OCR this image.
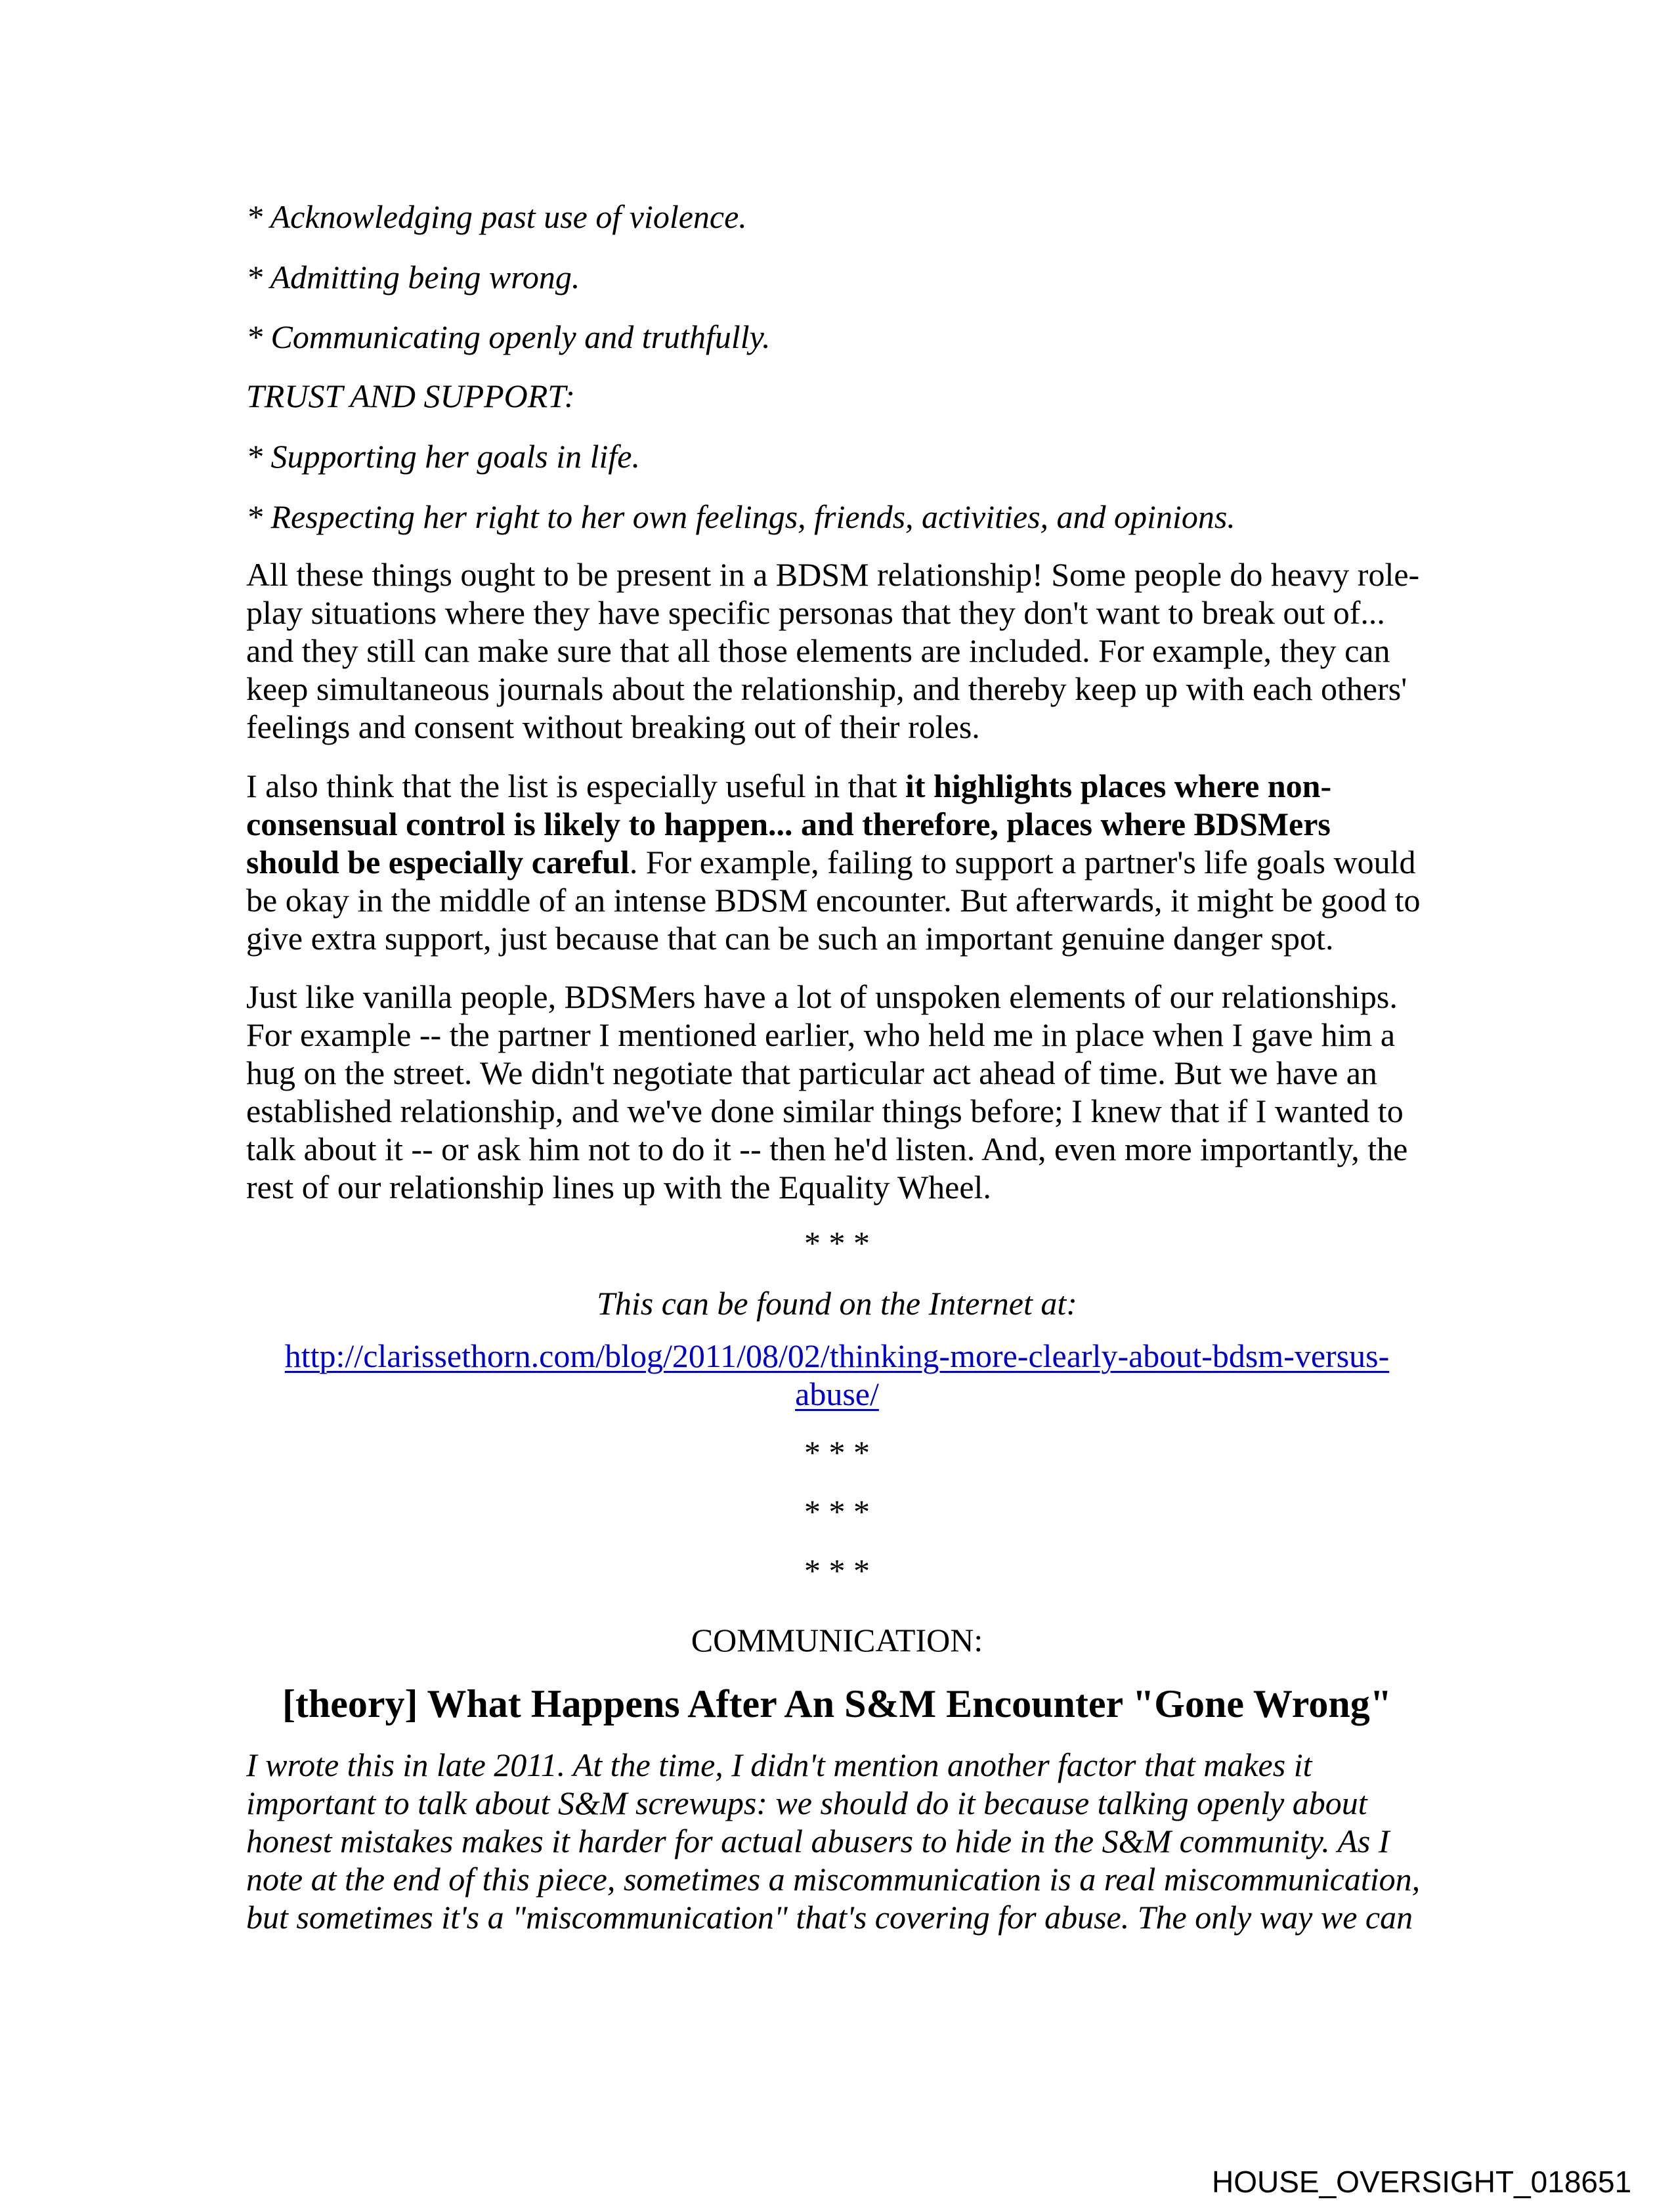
* Acknowledging past use of violence.
* Admitting being wrong.
* Communicating openly and truthfully.
TRUST AND SUPPORT:
* Supporting her goals in life.
* Respecting her right to her own feelings, friends, activities, and opinions.
All these things ought to be present in a BDSM relationship! Some people do heavy role-
play situations where they have specific personas that they don't want to break out of...
and they still can make sure that all those elements are included. For example, they can
keep simultaneous journals about the relationship, and thereby keep up with each others'
feelings and consent without breaking out of their roles.
I also think that the list is especially useful in that it highlights places where non-
consensual control is likely to happen... and therefore, places where BDSMers
should be especially careful. For example, failing to support a partner's life goals would
be okay in the middle of an intense BDSM encounter. But afterwards, it might be good to
give extra support, just because that can be such an important genuine danger spot.
Just like vanilla people, BDSMers have a lot of unspoken elements of our relationships.
For example -- the partner I mentioned earlier, who held me in place when I gave him a
hug on the street. We didn't negotiate that particular act ahead of time. But we have an
established relationship, and we've done similar things before; I knew that if I wanted to
talk about it -- or ask him not to do it -- then he'd listen. And, even more importantly, the
rest of our relationship lines up with the Equality Wheel.
* * *
This can be found on the Internet at:
http://clarissethorn.com/blog/2011/08/02/thinking-more-clearly-about-bdsm-versus-
abuse/
* * *
* * *
* * *
COMMUNICATION:
[theory] What Happens After An S&M Encounter "Gone Wrong"
I wrote this in late 2011. At the time, I didn't mention another factor that makes it
important to talk about S&M screwups: we should do it because talking openly about
honest mistakes makes it harder for actual abusers to hide in the S&M community. As I
note at the end of this piece, sometimes a miscommunication is a real miscommunication,
but sometimes it's a "miscommunication" that's covering for abuse. The only way we can
HOUSE_OVERSIGHT_018651
